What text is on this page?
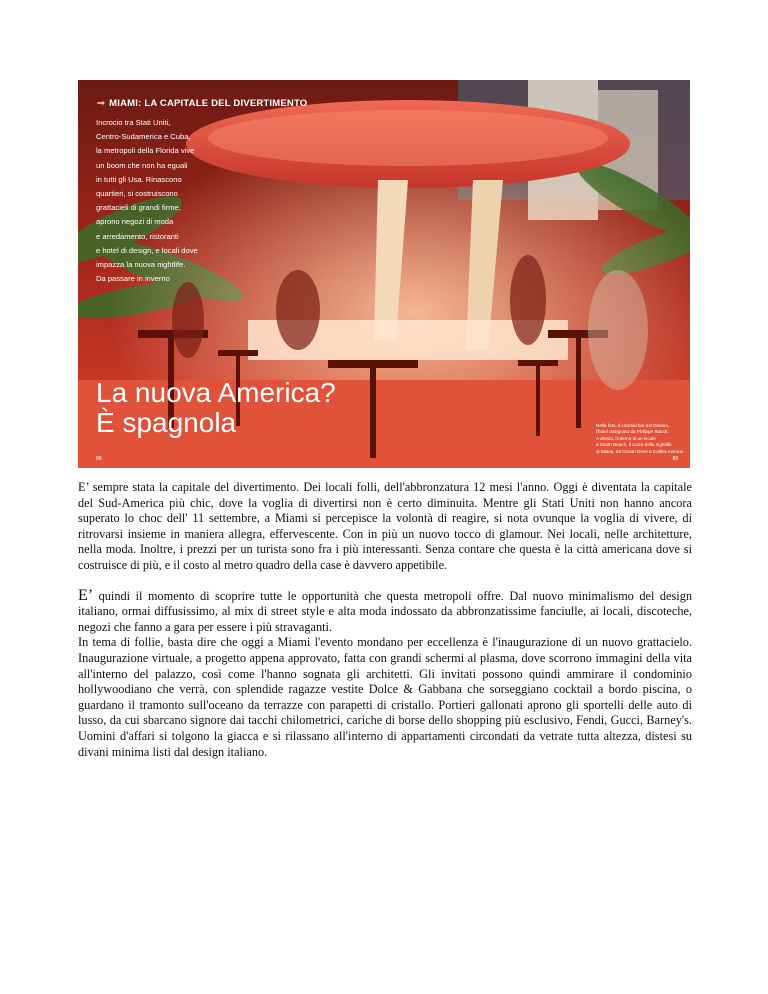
➞ MIAMI: LA CAPITALE DEL DIVERTIMENTO
Incrocio tra Stati Uniti,
Centro-Sudamerica e Cuba,
la metropoli della Florida vive
un boom che non ha eguali
in tutti gli Usa. Rinascono
quartieri, si costruiscono
grattacieli di grandi firme,
aprono negozi di moda
e arredamento, ristoranti
e hotel di design, e locali dove
impazza la nuova nightlife.
Da passare in inverno
La nuova America?
È spagnola	Nella foto, il cocktail bar del Delano,
l'hotel disegnato da Philippe Starck.
A destra, l'interno di un locale
a South Beach, il cuore della nightlife
di Miami, tra Ocean Drive e Collins Avenue
88	89

E’ sempre stata la capitale del divertimento. Dei locali folli, dell'abbronzatura 12 mesi l'anno. Oggi è diventata la capitale del Sud-America più chic, dove la voglia di divertirsi non è certo diminuita. Mentre gli Stati Uniti non hanno ancora superato lo choc dell' 11 settembre, a Miami si percepisce la volontà di reagire, si nota ovunque la voglia di vivere, di ritrovarsi insieme in maniera allegra, effervescente. Con in più un nuovo tocco di glamour. Nei locali, nelle architetture, nella moda. Inoltre, i prezzi per un turista sono fra i più interessanti. Senza contare che questa è la città americana dove si costruisce di più, e il costo al metro quadro della case è davvero appetibile.

E’ quindi il momento di scoprire tutte le opportunità che questa metropoli offre. Dal nuovo minimalismo del design italiano, ormai diffusissimo, al mix di street style e alta moda indossato da abbronzatissime fanciulle, ai locali, discoteche, negozi che fanno a gara per essere i più stravaganti.

In tema di follie, basta dire che oggi a Miami l'evento mondano per eccellenza è l'inaugurazione di un nuovo grattacielo. Inaugurazione virtuale, a progetto appena approvato, fatta con grandi schermi al plasma, dove scorrono immagini della vita all'interno del palazzo, così come l'hanno sognata gli architetti. Gli invitati possono quindi ammirare il condominio hollywoodiano che verrà, con splendide ragazze vestite Dolce & Gabbana che sorseggiano cocktail a bordo piscina, o guardano il tramonto sull'oceano da terrazze con parapetti di cristallo. Portieri gallonati aprono gli sportelli delle auto di lusso, da cui sbarcano signore dai tacchi chilometrici, cariche di borse dello shopping più esclusivo, Fendi, Gucci, Barney's. Uomini d'affari si tolgono la giacca e si rilassano all'interno di appartamenti circondati da vetrate tutta altezza, distesi su divani minima listi dal design italiano.
